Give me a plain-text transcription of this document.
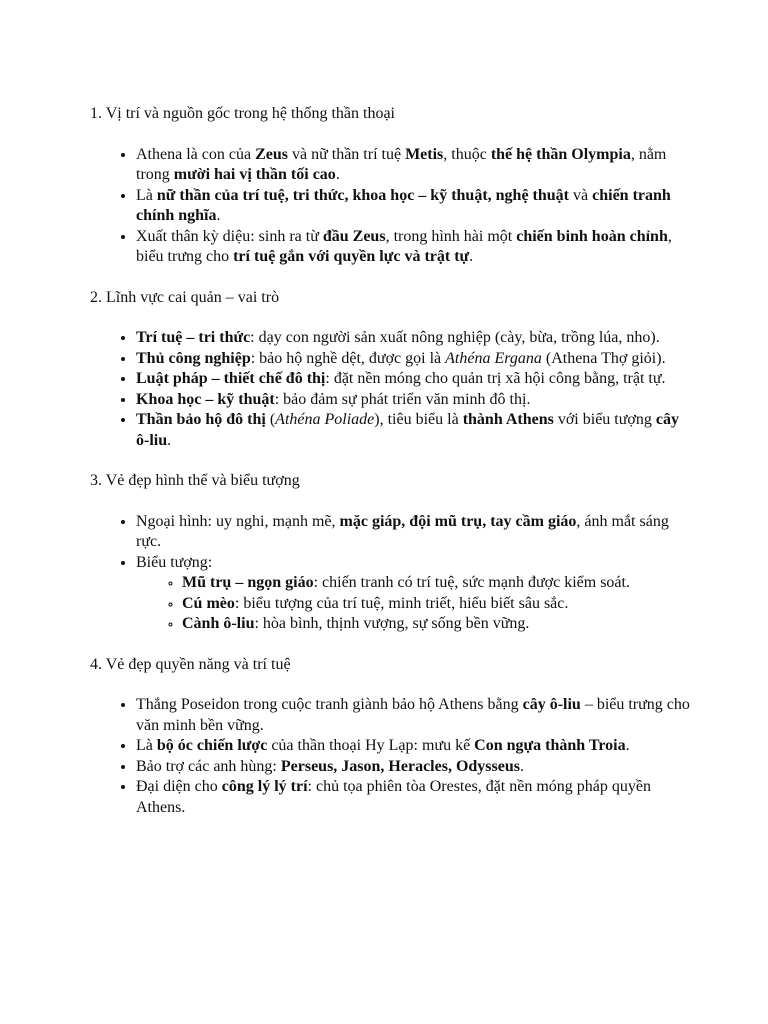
1. Vị trí và nguồn gốc trong hệ thống thần thoại

• Athena là con của Zeus và nữ thần trí tuệ Metis, thuộc thế hệ thần Olympia, nằm trong mười hai vị thần tối cao.
• Là nữ thần của trí tuệ, tri thức, khoa học – kỹ thuật, nghệ thuật và chiến tranh chính nghĩa.
• Xuất thân kỳ diệu: sinh ra từ đầu Zeus, trong hình hài một chiến binh hoàn chỉnh, biểu trưng cho trí tuệ gắn với quyền lực và trật tự.

2. Lĩnh vực cai quản – vai trò

• Trí tuệ – tri thức: dạy con người sản xuất nông nghiệp (cày, bừa, trồng lúa, nho).
• Thủ công nghiệp: bảo hộ nghề dệt, được gọi là Athéna Ergana (Athena Thợ giỏi).
• Luật pháp – thiết chế đô thị: đặt nền móng cho quản trị xã hội công bằng, trật tự.
• Khoa học – kỹ thuật: bảo đảm sự phát triển văn minh đô thị.
• Thần bảo hộ đô thị (Athéna Poliade), tiêu biểu là thành Athens với biểu tượng cây ô-liu.

3. Vẻ đẹp hình thể và biểu tượng

• Ngoại hình: uy nghi, mạnh mẽ, mặc giáp, đội mũ trụ, tay cầm giáo, ánh mắt sáng rực.
• Biểu tượng:
◦ Mũ trụ – ngọn giáo: chiến tranh có trí tuệ, sức mạnh được kiểm soát.
◦ Cú mèo: biểu tượng của trí tuệ, minh triết, hiểu biết sâu sắc.
◦ Cành ô-liu: hòa bình, thịnh vượng, sự sống bền vững.

4. Vẻ đẹp quyền năng và trí tuệ

• Thắng Poseidon trong cuộc tranh giành bảo hộ Athens bằng cây ô-liu – biểu trưng cho văn minh bền vững.
• Là bộ óc chiến lược của thần thoại Hy Lạp: mưu kế Con ngựa thành Troia.
• Bảo trợ các anh hùng: Perseus, Jason, Heracles, Odysseus.
• Đại diện cho công lý lý trí: chủ tọa phiên tòa Orestes, đặt nền móng pháp quyền Athens.
